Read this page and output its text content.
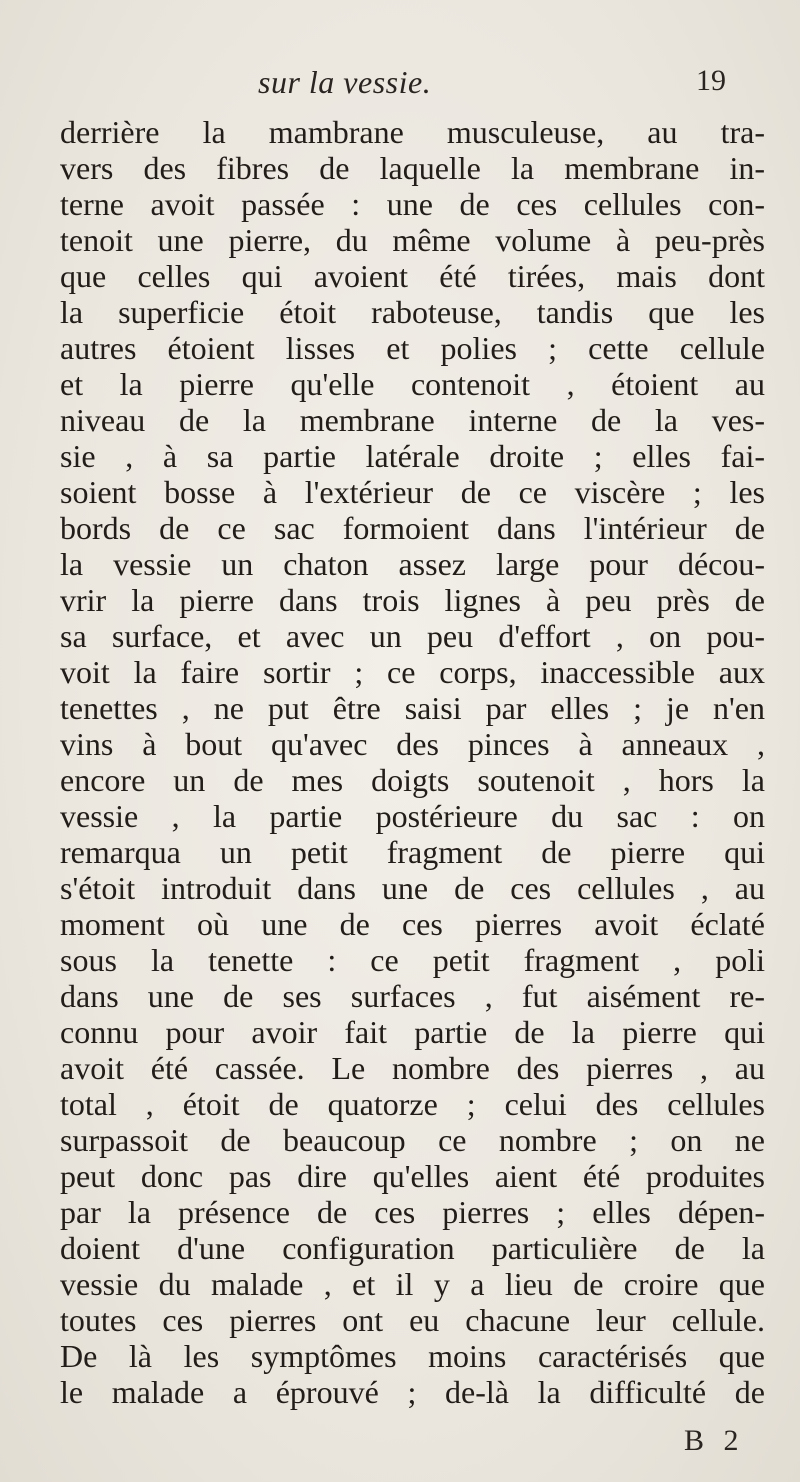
sur la vessie.	19
derrière la mambrane musculeuse, au tra-
vers des fibres de laquelle la membrane in-
terne avoit passée : une de ces cellules con-
tenoit une pierre, du même volume à peu-près
que celles qui avoient été tirées, mais dont
la superficie étoit raboteuse, tandis que les
autres étoient lisses et polies ; cette cellule
et la pierre qu'elle contenoit , étoient au
niveau de la membrane interne de la ves-
sie , à sa partie latérale droite ; elles fai-
soient bosse à l'extérieur de ce viscère ; les
bords de ce sac formoient dans l'intérieur de
la vessie un chaton assez large pour décou-
vrir la pierre dans trois lignes à peu près de
sa surface, et avec un peu d'effort , on pou-
voit la faire sortir ; ce corps, inaccessible aux
tenettes , ne put être saisi par elles ; je n'en
vins à bout qu'avec des pinces à anneaux ,
encore un de mes doigts soutenoit , hors la
vessie , la partie postérieure du sac : on
remarqua un petit fragment de pierre qui
s'étoit introduit dans une de ces cellules , au
moment où une de ces pierres avoit éclaté
sous la tenette : ce petit fragment , poli
dans une de ses surfaces , fut aisément re-
connu pour avoir fait partie de la pierre qui
avoit été cassée. Le nombre des pierres , au
total , étoit de quatorze ; celui des cellules
surpassoit de beaucoup ce nombre ; on ne
peut donc pas dire qu'elles aient été produites
par la présence de ces pierres ; elles dépen-
doient d'une configuration particulière de la
vessie du malade , et il y a lieu de croire que
toutes ces pierres ont eu chacune leur cellule.
De là les symptômes moins caractérisés que
le malade a éprouvé ; de-là la difficulté de
B 2
